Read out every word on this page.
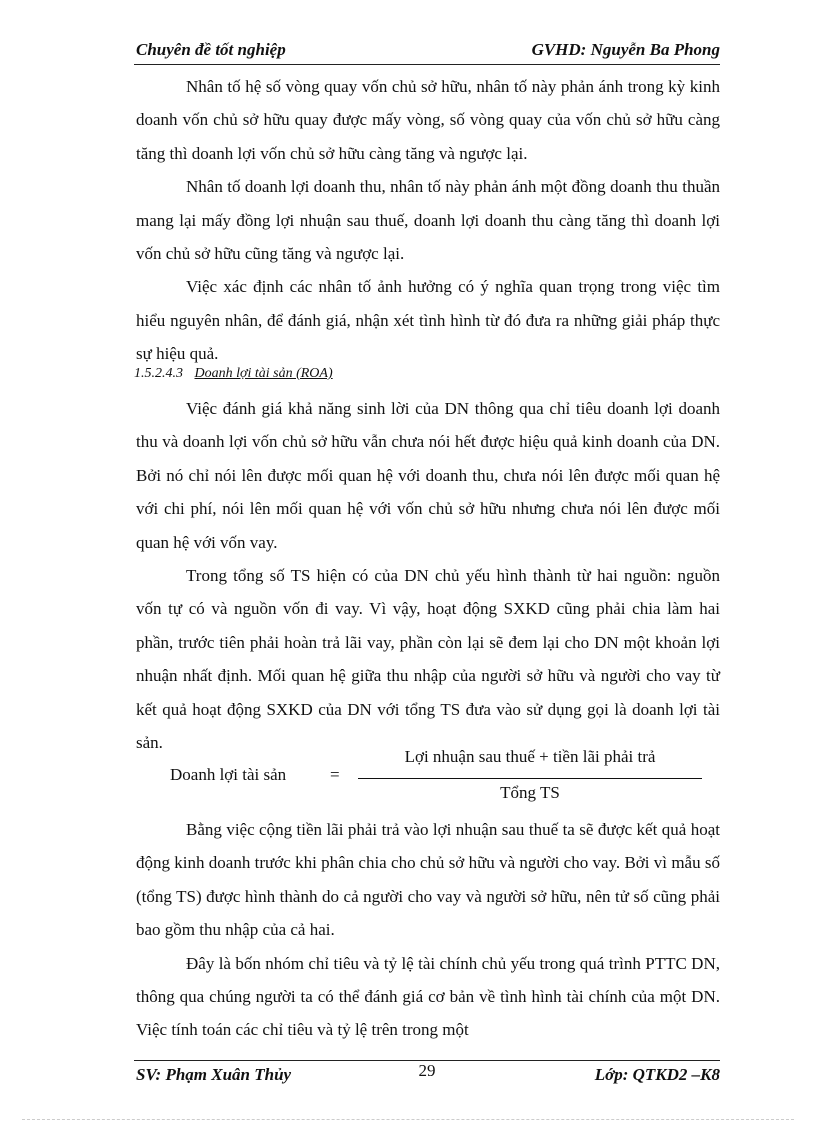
Chuyên đề tốt nghiệp	GVHD: Nguyễn Ba Phong

Nhân tố hệ số vòng quay vốn chủ sở hữu, nhân tố này phản ánh trong kỳ kinh doanh vốn chủ sở hữu quay được mấy vòng, số vòng quay của vốn chủ sở hữu càng tăng thì doanh lợi vốn chủ sở hữu càng tăng và ngược lại.

Nhân tố doanh lợi doanh thu, nhân tố này phản ánh một đồng doanh thu thuần mang lại mấy đồng lợi nhuận sau thuế, doanh lợi doanh thu càng tăng thì doanh lợi vốn chủ sở hữu cũng tăng và ngược lại.

Việc xác định các nhân tố ảnh hưởng có ý nghĩa quan trọng trong việc tìm hiểu nguyên nhân, để đánh giá, nhận xét tình hình từ đó đưa ra những giải pháp thực sự hiệu quả.

1.5.2.4.3 Doanh lợi tài sản (ROA)

Việc đánh giá khả năng sinh lời của DN thông qua chỉ tiêu doanh lợi doanh thu và doanh lợi vốn chủ sở hữu vẫn chưa nói hết được hiệu quả kinh doanh của DN. Bởi nó chỉ nói lên được mối quan hệ với doanh thu, chưa nói lên được mối quan hệ với chi phí, nói lên mối quan hệ với vốn chủ sở hữu nhưng chưa nói lên được mối quan hệ với vốn vay.

Trong tổng số TS hiện có của DN chủ yếu hình thành từ hai nguồn: nguồn vốn tự có và nguồn vốn đi vay. Vì vậy, hoạt động SXKD cũng phải chia làm hai phần, trước tiên phải hoàn trả lãi vay, phần còn lại sẽ đem lại cho DN một khoản lợi nhuận nhất định. Mối quan hệ giữa thu nhập của người sở hữu và người cho vay từ kết quả hoạt động SXKD của DN với tổng TS đưa vào sử dụng gọi là doanh lợi tài sản.

Doanh lợi tài sản	=
Lợi nhuận sau thuế + tiền lãi phải trả
Tổng TS

Bằng việc cộng tiền lãi phải trả vào lợi nhuận sau thuế ta sẽ được kết quả hoạt động kinh doanh trước khi phân chia cho chủ sở hữu và người cho vay. Bởi vì mẫu số (tổng TS) được hình thành do cả người cho vay và người sở hữu, nên tử số cũng phải bao gồm thu nhập của cả hai.

Đây là bốn nhóm chỉ tiêu và tỷ lệ tài chính chủ yếu trong quá trình PTTC DN, thông qua chúng người ta có thể đánh giá cơ bản về tình hình tài chính của một DN. Việc tính toán các chỉ tiêu và tỷ lệ trên trong một

SV: Phạm Xuân Thủy	29	Lớp: QTKD2 –K8
